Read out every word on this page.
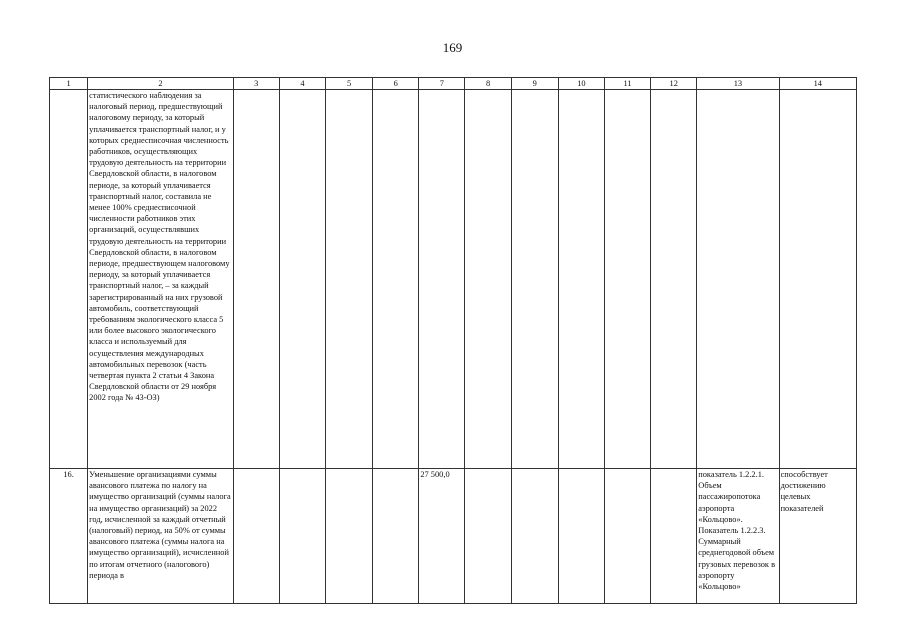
169
1	2	3	4	5	6	7	8	9	10	11	12	13	14
	статистического наблюдения за налоговый период, предшествующий налоговому периоду, за который уплачивается транспортный налог, и у которых среднесписочная численность работников, осуществляющих трудовую деятельность на территории Свердловской области, в налоговом периоде, за который уплачивается транспортный налог, составила не менее 100% среднесписочной численности работников этих организаций, осуществлявших трудовую деятельность на территории Свердловской области, в налоговом периоде, предшествующем налоговому периоду, за который уплачивается транспортный налог, – за каждый зарегистрированный на них грузовой автомобиль, соответствующий требованиям экологического класса 5 или более высокого экологического класса и используемый для осуществления международных автомобильных перевозок (часть четвертая пункта 2 статьи 4 Закона Свердловской области от 29 ноября 2002 года № 43-ОЗ)												
16.	Уменьшение организациями суммы авансового платежа по налогу на имущество организаций (суммы налога на имущество организаций) за 2022 год, исчисленной за каждый отчетный (налоговый) период, на 50% от суммы авансового платежа (суммы налога на имущество организаций), исчисленной по итогам отчетного (налогового) периода в					27 500,0						показатель 1.2.2.1. Объем пассажиропотока аэропорта «Кольцово». Показатель 1.2.2.3. Суммарный среднегодовой объем грузовых перевозок в аэропорту «Кольцово»	способствует достижению целевых показателей
